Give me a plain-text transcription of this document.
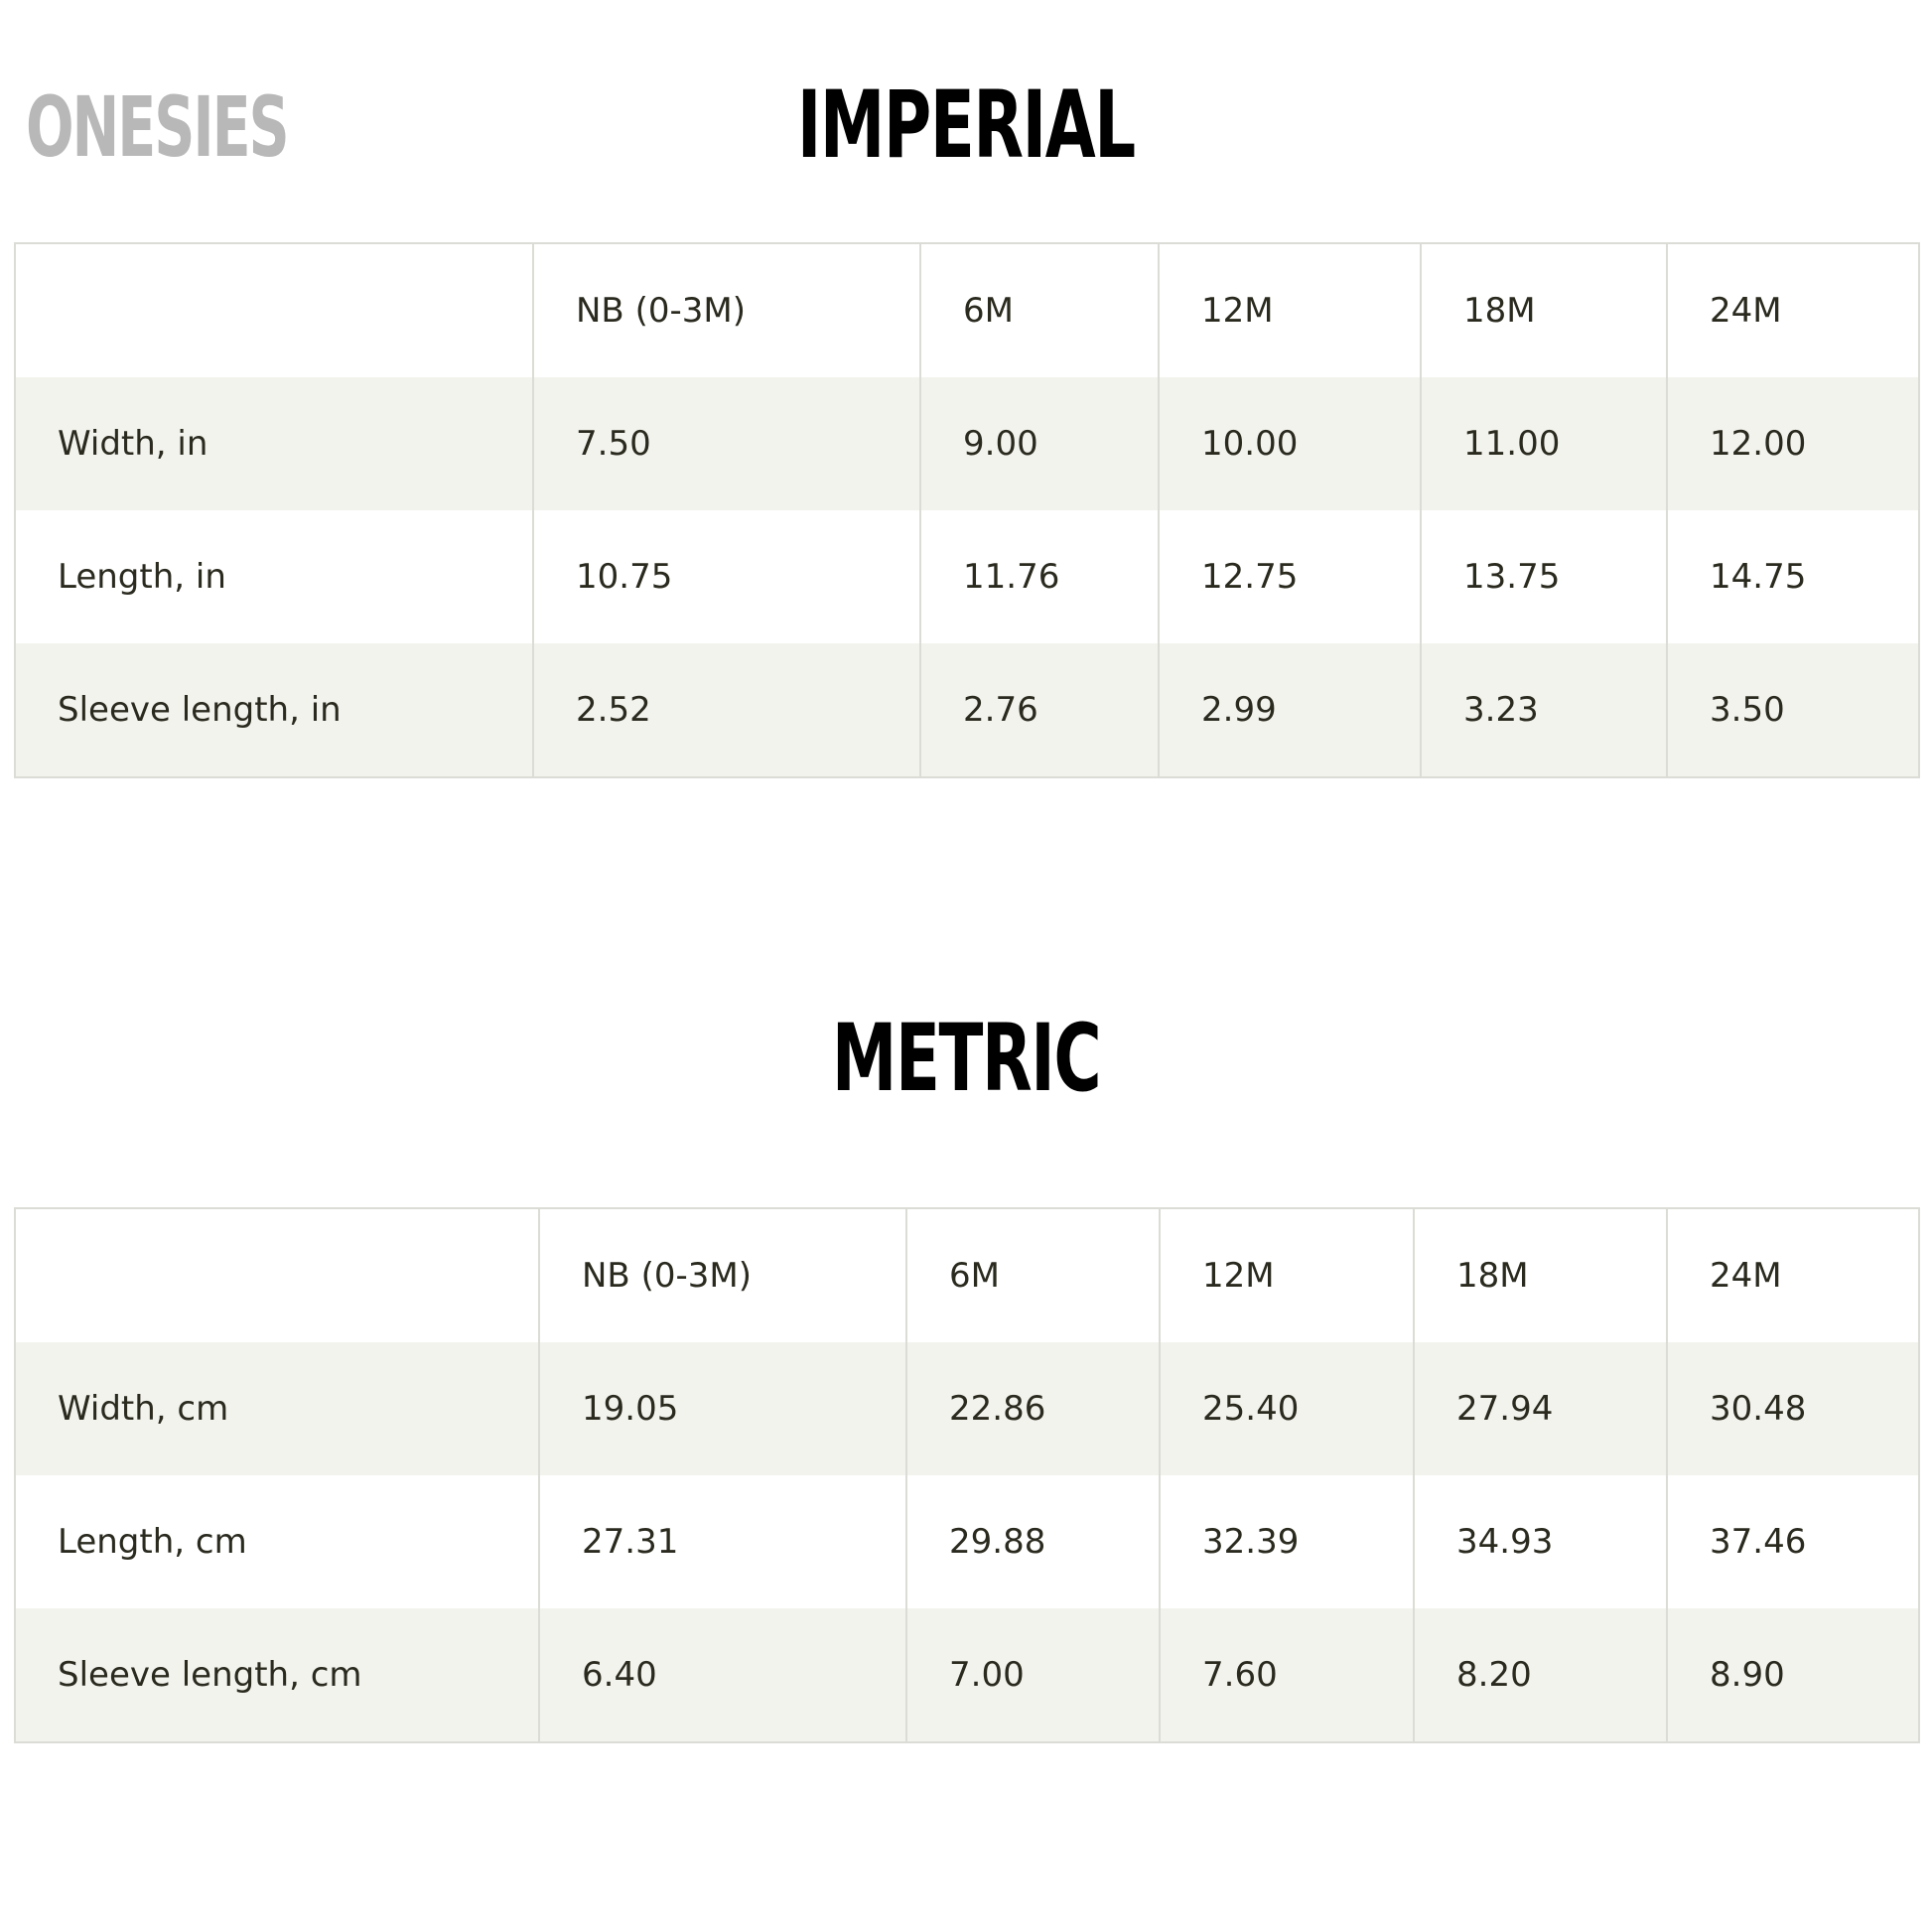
ONESIES	IMPERIAL
	NB (0-3M)	6M	12M	18M	24M
Width, in	7.50	9.00	10.00	11.00	12.00
Length, in	10.75	11.76	12.75	13.75	14.75
Sleeve length, in	2.52	2.76	2.99	3.23	3.50
METRIC
	NB (0-3M)	6M	12M	18M	24M
Width, cm	19.05	22.86	25.40	27.94	30.48
Length, cm	27.31	29.88	32.39	34.93	37.46
Sleeve length, cm	6.40	7.00	7.60	8.20	8.90
